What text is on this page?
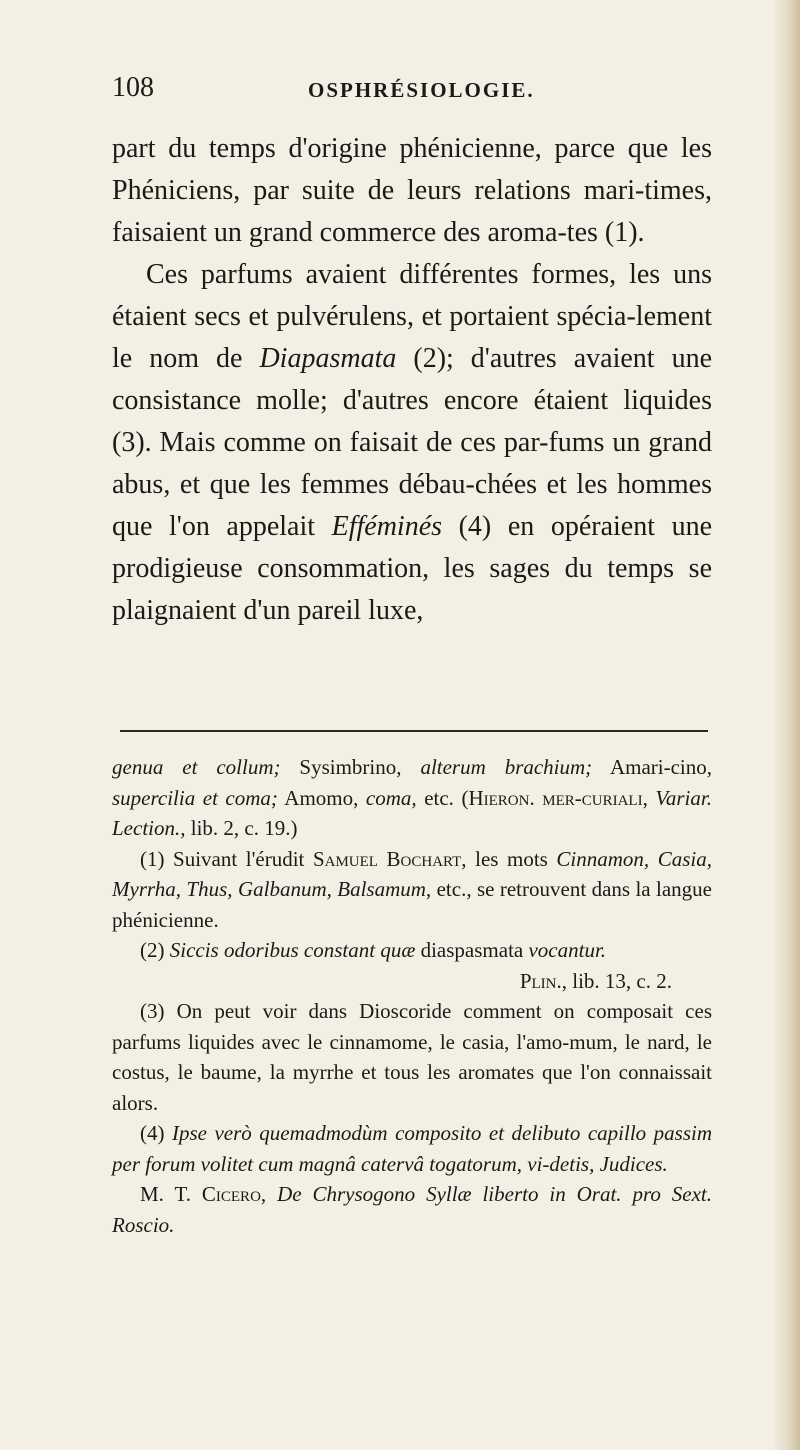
108	OSPHRÉSIOLOGIE.

part du temps d'origine phénicienne, parce que les Phéniciens, par suite de leurs relations mari-times, faisaient un grand commerce des aroma-tes (1).

Ces parfums avaient différentes formes, les uns étaient secs et pulvérulens, et portaient spécia-lement le nom de Diapasmata (2); d'autres avaient une consistance molle; d'autres encore étaient liquides (3). Mais comme on faisait de ces par-fums un grand abus, et que les femmes débau-chées et les hommes que l'on appelait Efféminés (4) en opéraient une prodigieuse consommation, les sages du temps se plaignaient d'un pareil luxe,

genua et collum; Sysimbrino, alterum brachium; Amari-cino, supercilia et coma; Amomo, coma, etc. (Hieron. mer-curiali, Variar. Lection., lib. 2, c. 19.)

(1) Suivant l'érudit Samuel Bochart, les mots Cinnamon, Casia, Myrrha, Thus, Galbanum, Balsamum, etc., se retrouvent dans la langue phénicienne.

(2) Siccis odoribus constant quæ diaspasmata vocantur.

Plin., lib. 13, c. 2.

(3) On peut voir dans Dioscoride comment on composait ces parfums liquides avec le cinnamome, le casia, l'amo-mum, le nard, le costus, le baume, la myrrhe et tous les aromates que l'on connaissait alors.

(4) Ipse verò quemadmodùm composito et delibuto capillo passim per forum volitet cum magnâ catervâ togatorum, vi-detis, Judices.

M. T. Cicero, De Chrysogono Syllæ liberto in Orat. pro Sext. Roscio.
